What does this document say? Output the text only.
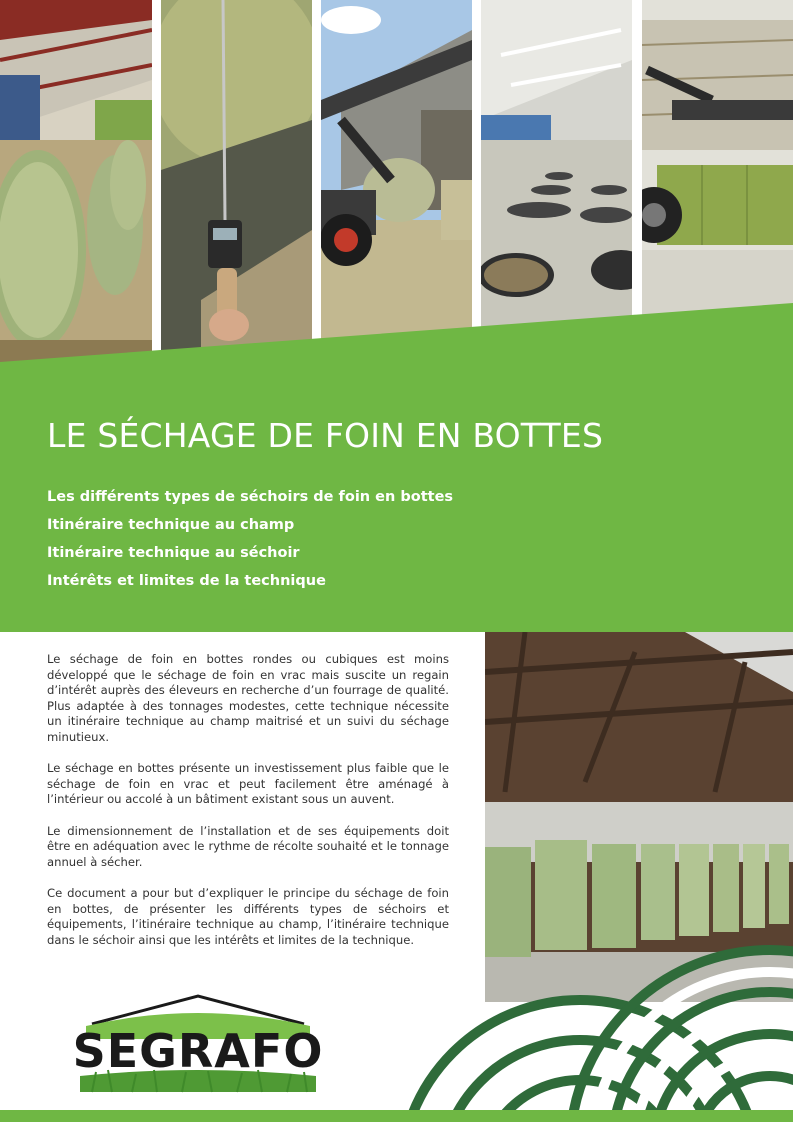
LE SÉCHAGE DE FOIN EN BOTTES
Les différents types de séchoirs de foin en bottes
Itinéraire technique au champ
Itinéraire technique au séchoir
Intérêts et limites de la technique

Le séchage de foin en bottes rondes ou cubiques est moins développé que le séchage de foin en vrac mais suscite un regain d’intérêt auprès des éleveurs en recherche d’un fourrage de qualité. Plus adaptée à des tonnages modestes, cette technique nécessite un itinéraire technique au champ maitrisé et un suivi du séchage minutieux.

Le séchage en bottes présente un investissement plus faible que le séchage de foin en vrac et peut facilement être aménagé à l’intérieur ou accolé à un bâtiment existant sous un auvent.

Le dimensionnement de l’installation et de ses équipements doit être en adéquation avec le rythme de récolte souhaité et le tonnage annuel à sécher.

Ce document a pour but d’expliquer le principe du séchage de foin en bottes, de présenter les différents types de séchoirs et équipements, l’itinéraire technique au champ, l’itinéraire technique dans le séchoir ainsi que les intérêts et limites de la technique.

SEGRAFO
